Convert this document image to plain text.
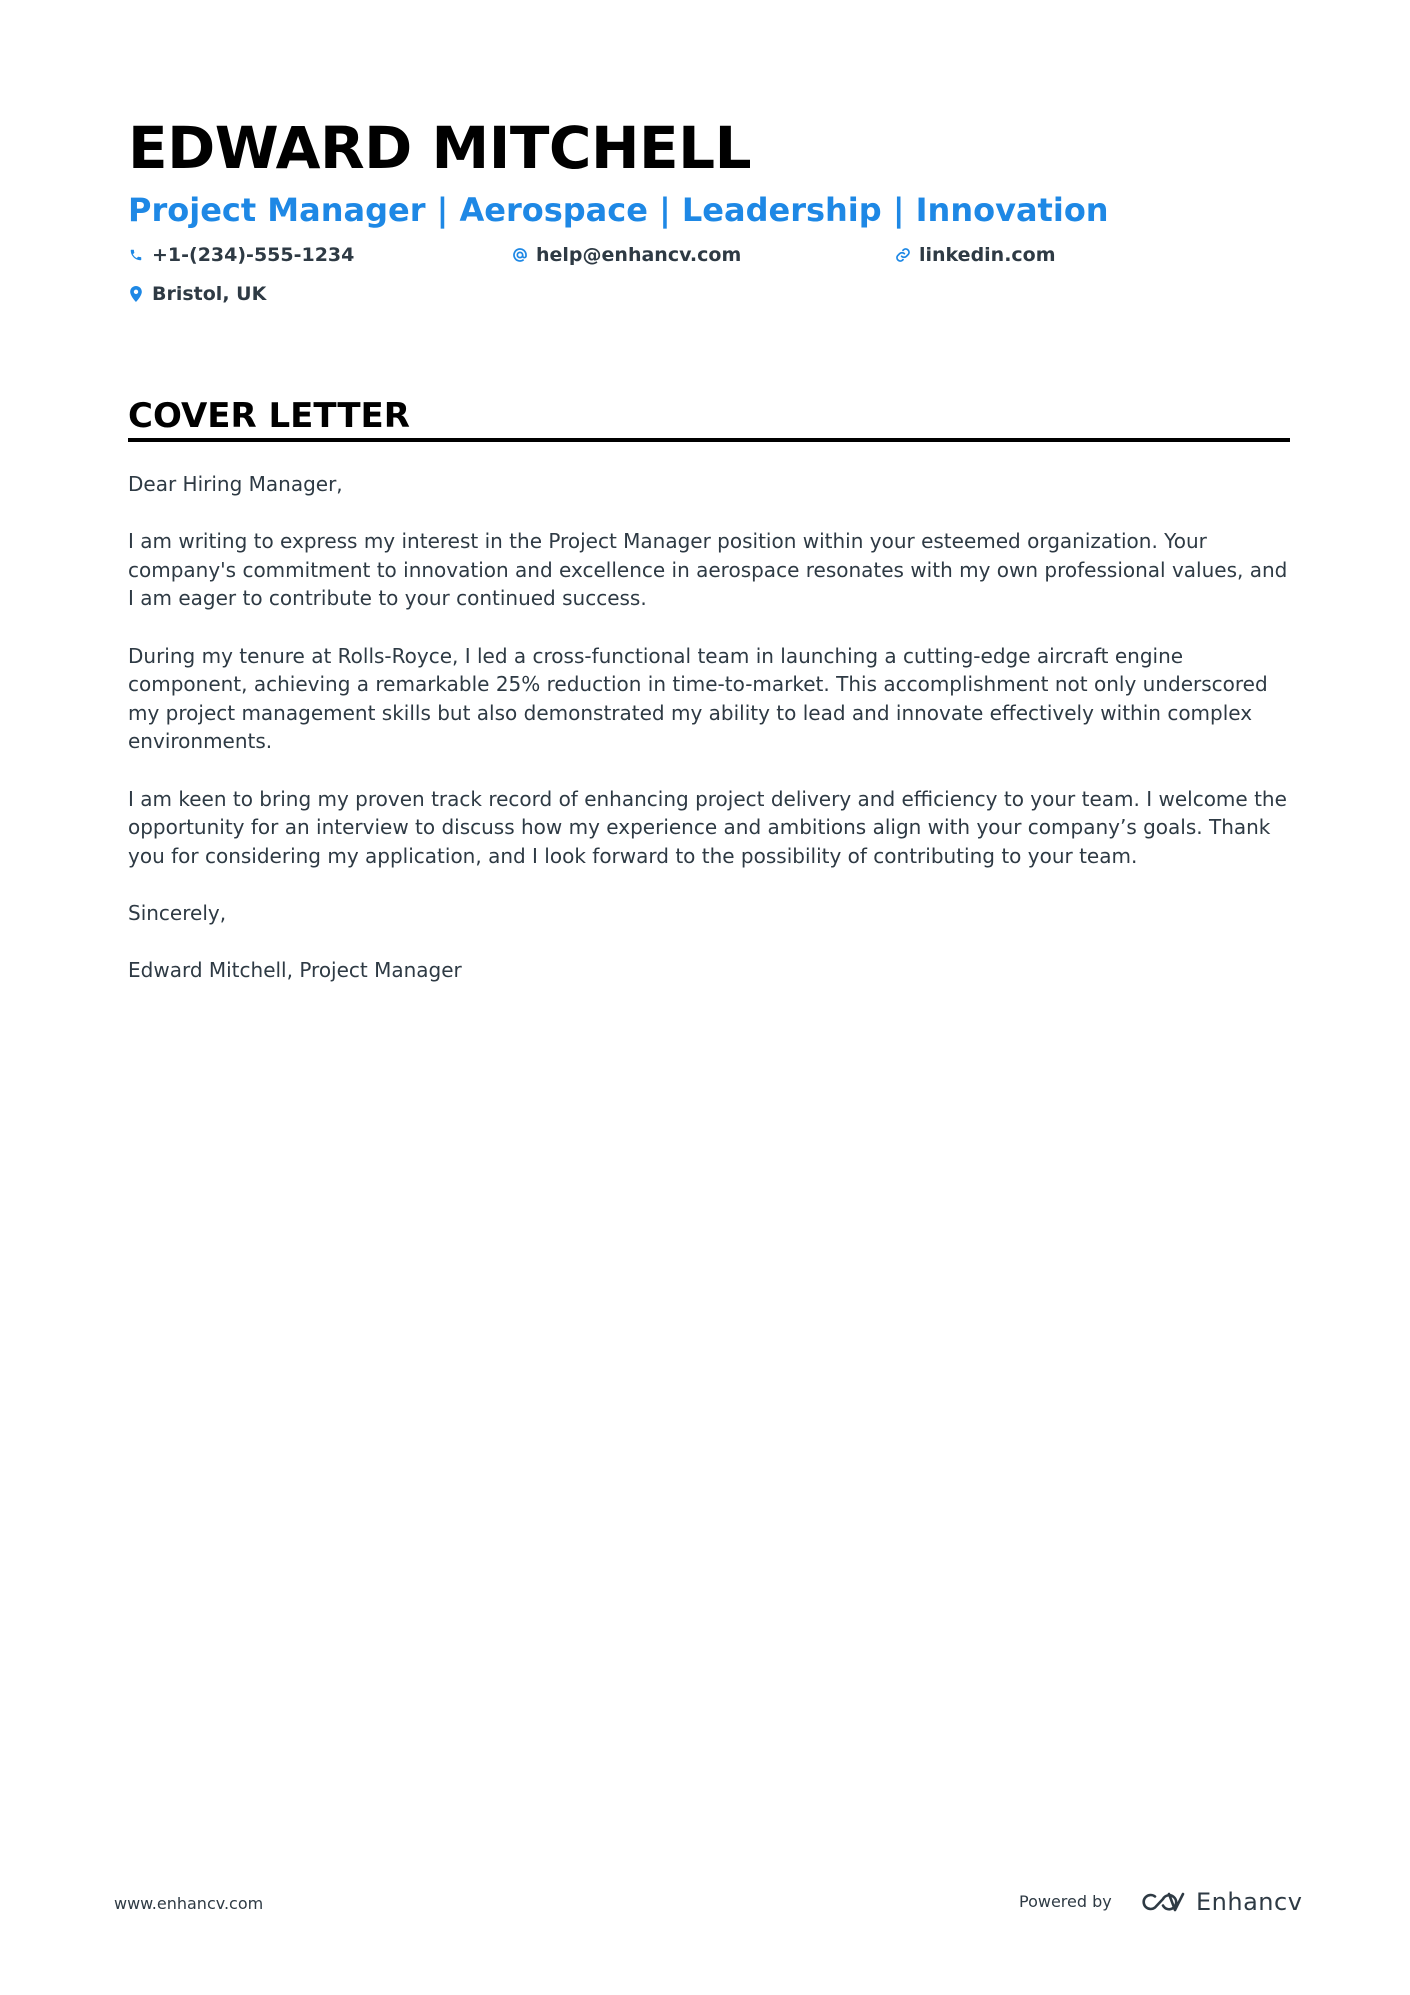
EDWARD MITCHELL
Project Manager | Aerospace | Leadership | Innovation
+1-(234)-555-1234	help@enhancv.com	linkedin.com
Bristol, UK
COVER LETTER

Dear Hiring Manager,

I am writing to express my interest in the Project Manager position within your esteemed organization. Your company's commitment to innovation and excellence in aerospace resonates with my own professional values, and I am eager to contribute to your continued success.

During my tenure at Rolls-Royce, I led a cross-functional team in launching a cutting-edge aircraft engine component, achieving a remarkable 25% reduction in time-to-market. This accomplishment not only underscored my project management skills but also demonstrated my ability to lead and innovate effectively within complex environments.

I am keen to bring my proven track record of enhancing project delivery and efficiency to your team. I welcome the opportunity for an interview to discuss how my experience and ambitions align with your company’s goals. Thank you for considering my application, and I look forward to the possibility of contributing to your team.

Sincerely,

Edward Mitchell, Project Manager

www.enhancv.com	Powered by	Enhancv
